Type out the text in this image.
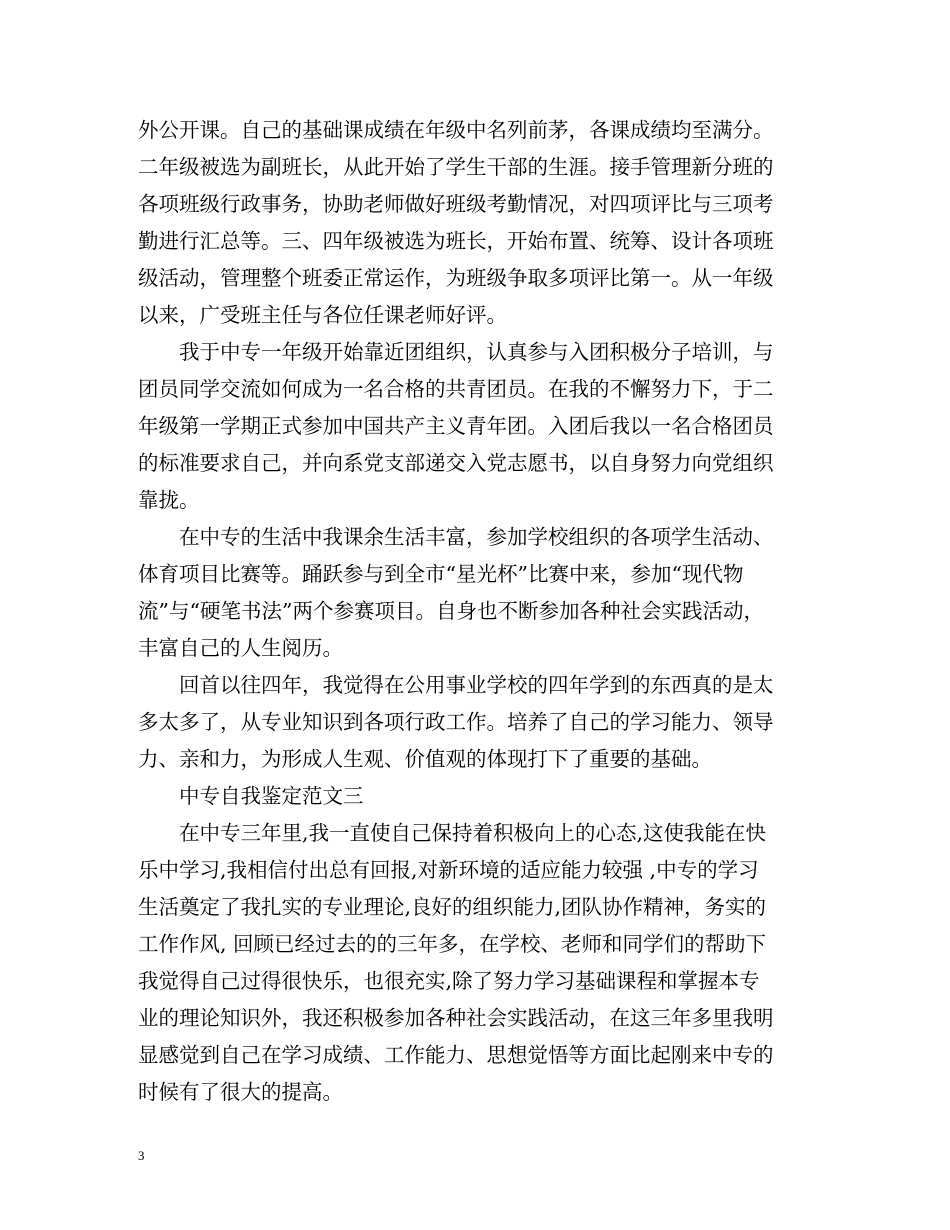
外公开课。自己的基础课成绩在年级中名列前茅，各课成绩均至满分。
二年级被选为副班长，从此开始了学生干部的生涯。接手管理新分班的
各项班级行政事务，协助老师做好班级考勤情况，对四项评比与三项考
勤进行汇总等。三、四年级被选为班长，开始布置、统筹、设计各项班
级活动，管理整个班委正常运作，为班级争取多项评比第一。从一年级
以来，广受班主任与各位任课老师好评。
我于中专一年级开始靠近团组织，认真参与入团积极分子培训，与
团员同学交流如何成为一名合格的共青团员。在我的不懈努力下，于二
年级第一学期正式参加中国共产主义青年团。入团后我以一名合格团员
的标准要求自己，并向系党支部递交入党志愿书，以自身努力向党组织
靠拢。
在中专的生活中我课余生活丰富，参加学校组织的各项学生活动、
体育项目比赛等。踊跃参与到全市“星光杯”比赛中来，参加“现代物
流”与“硬笔书法”两个参赛项目。自身也不断参加各种社会实践活动，
丰富自己的人生阅历。
回首以往四年，我觉得在公用事业学校的四年学到的东西真的是太
多太多了，从专业知识到各项行政工作。培养了自己的学习能力、领导
力、亲和力，为形成人生观、价值观的体现打下了重要的基础。
中专自我鉴定范文三
在中专三年里,我一直使自己保持着积极向上的心态,这使我能在快
乐中学习,我相信付出总有回报,对新环境的适应能力较强 ,中专的学习
生活奠定了我扎实的专业理论,良好的组织能力,团队协作精神，务实的
工作作风, 回顾已经过去的的三年多，在学校、老师和同学们的帮助下
我觉得自己过得很快乐，也很充实,除了努力学习基础课程和掌握本专
业的理论知识外，我还积极参加各种社会实践活动，在这三年多里我明
显感觉到自己在学习成绩、工作能力、思想觉悟等方面比起刚来中专的
时候有了很大的提高。
3
